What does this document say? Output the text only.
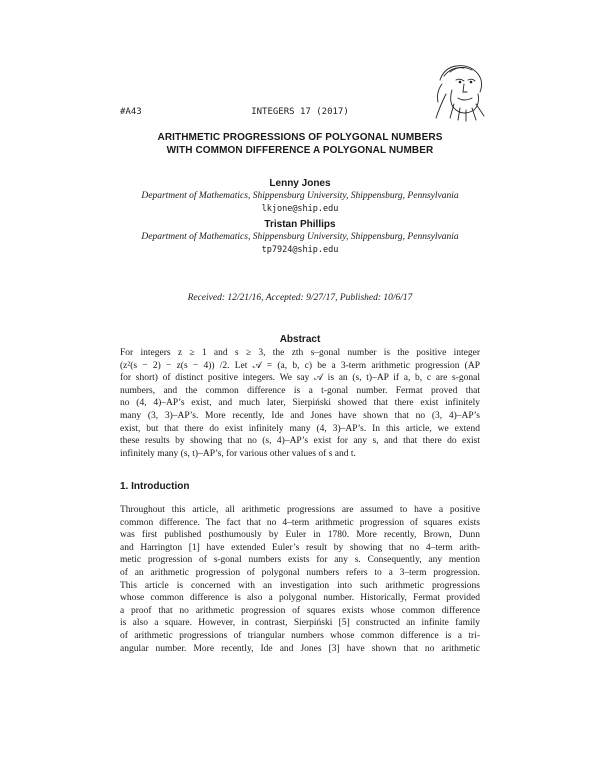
#A43	INTEGERS 17 (2017)
ARITHMETIC PROGRESSIONS OF POLYGONAL NUMBERS
WITH COMMON DIFFERENCE A POLYGONAL NUMBER
Lenny Jones
Department of Mathematics, Shippensburg University, Shippensburg, Pennsylvania
lkjone@ship.edu
Tristan Phillips
Department of Mathematics, Shippensburg University, Shippensburg, Pennsylvania
tp7924@ship.edu
Received: 12/21/16, Accepted: 9/27/17, Published: 10/6/17
Abstract
For integers z ≥ 1 and s ≥ 3, the zth s–gonal number is the positive integer
(z²(s − 2) − z(s − 4)) /2. Let 𝒜 = (a, b, c) be a 3-term arithmetic progression (AP
for short) of distinct positive integers. We say 𝒜 is an (s, t)–AP if a, b, c are s-gonal
numbers, and the common difference is a t-gonal number. Fermat proved that
no (4, 4)–AP’s exist, and much later, Sierpiński showed that there exist infinitely
many (3, 3)–AP’s. More recently, Ide and Jones have shown that no (3, 4)–AP’s
exist, but that there do exist infinitely many (4, 3)–AP’s. In this article, we extend
these results by showing that no (s, 4)–AP’s exist for any s, and that there do exist
infinitely many (s, t)–AP’s, for various other values of s and t.
1. Introduction
Throughout this article, all arithmetic progressions are assumed to have a positive
common difference. The fact that no 4–term arithmetic progression of squares exists
was first published posthumously by Euler in 1780. More recently, Brown, Dunn
and Harrington [1] have extended Euler’s result by showing that no 4–term arith-
metic progression of s-gonal numbers exists for any s. Consequently, any mention
of an arithmetic progression of polygonal numbers refers to a 3–term progression.
This article is concerned with an investigation into such arithmetic progressions
whose common difference is also a polygonal number. Historically, Fermat provided
a proof that no arithmetic progression of squares exists whose common difference
is also a square. However, in contrast, Sierpiński [5] constructed an infinite family
of arithmetic progressions of triangular numbers whose common difference is a tri-
angular number. More recently, Ide and Jones [3] have shown that no arithmetic
